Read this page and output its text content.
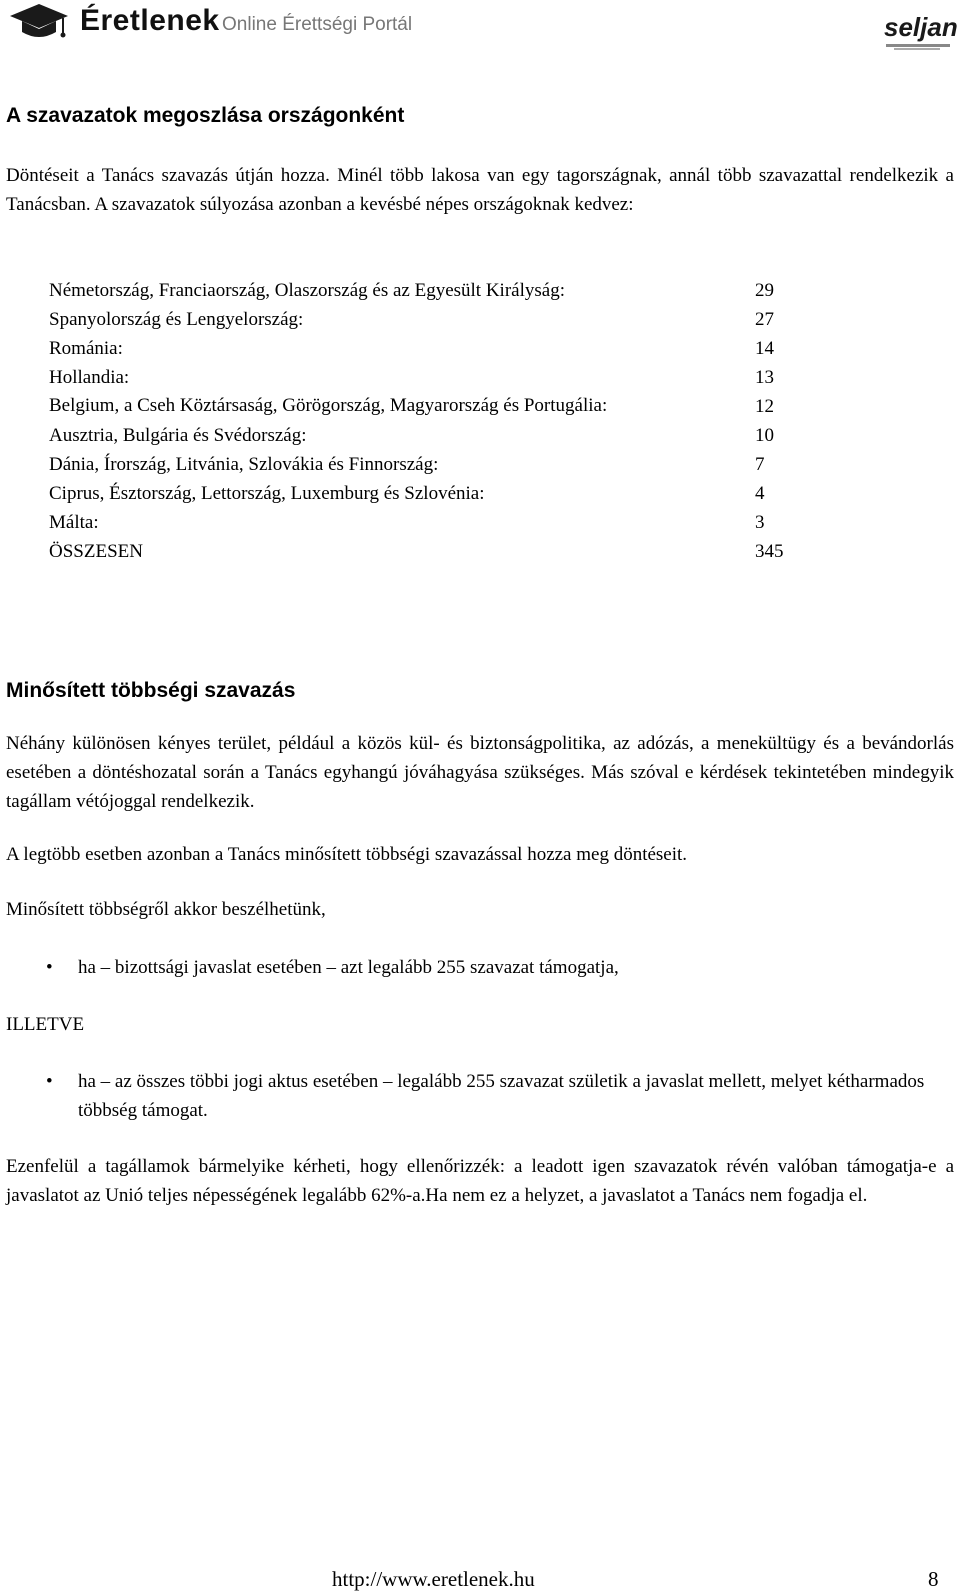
Éretlenek Online Érettségi Portál	seljan
A szavazatok megoszlása országonként

Döntéseit a Tanács szavazás útján hozza. Minél több lakosa van egy tagországnak, annál több szavazattal rendelkezik a Tanácsban. A szavazatok súlyozása azonban a kevésbé népes országoknak kedvez:

Németország, Franciaország, Olaszország és az Egyesült Királyság:	29
Spanyolország és Lengyelország:	27
Románia:	14
Hollandia:	13
Belgium, a Cseh Köztársaság, Görögország, Magyarország és Portugália:	12
Ausztria, Bulgária és Svédország:	10
Dánia, Írország, Litvánia, Szlovákia és Finnország:	7
Ciprus, Észtország, Lettország, Luxemburg és Szlovénia:	4
Málta:	3
ÖSSZESEN	345
Minősített többségi szavazás

Néhány különösen kényes terület, például a közös kül- és biztonságpolitika, az adózás, a menekültügy és a bevándorlás esetében a döntéshozatal során a Tanács egyhangú jóváhagyása szükséges. Más szóval e kérdések tekintetében mindegyik tagállam vétójoggal rendelkezik.

A legtöbb esetben azonban a Tanács minősített többségi szavazással hozza meg döntéseit.

Minősített többségről akkor beszélhetünk,

• ha – bizottsági javaslat esetében – azt legalább 255 szavazat támogatja,
ILLETVE
• ha – az összes többi jogi aktus esetében – legalább 255 szavazat születik a javaslat mellett, melyet kétharmados többség támogat.

Ezenfelül a tagállamok bármelyike kérheti, hogy ellenőrizzék: a leadott igen szavazatok révén valóban támogatja-e a javaslatot az Unió teljes népességének legalább 62%-a.Ha nem ez a helyzet, a javaslatot a Tanács nem fogadja el.

http://www.eretlenek.hu	8
